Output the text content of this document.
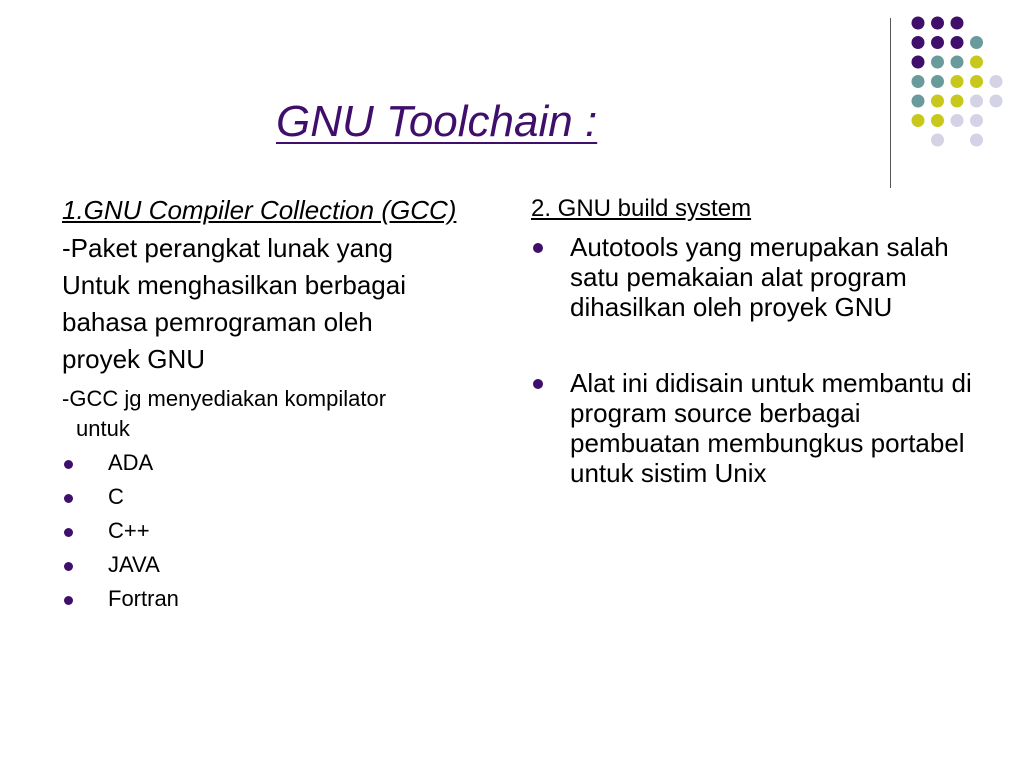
GNU Toolchain :
1.GNU Compiler Collection (GCC)
-Paket perangkat lunak yang
Untuk menghasilkan berbagai
bahasa pemrograman oleh
proyek GNU
-GCC jg menyediakan kompilator
untuk
ADA
C
C++
JAVA
Fortran
2. GNU build system
Autotools yang merupakan salah satu pemakaian alat program dihasilkan oleh proyek GNU
Alat ini didisain untuk membantu di program source berbagai pembuatan membungkus portabel untuk sistim Unix
